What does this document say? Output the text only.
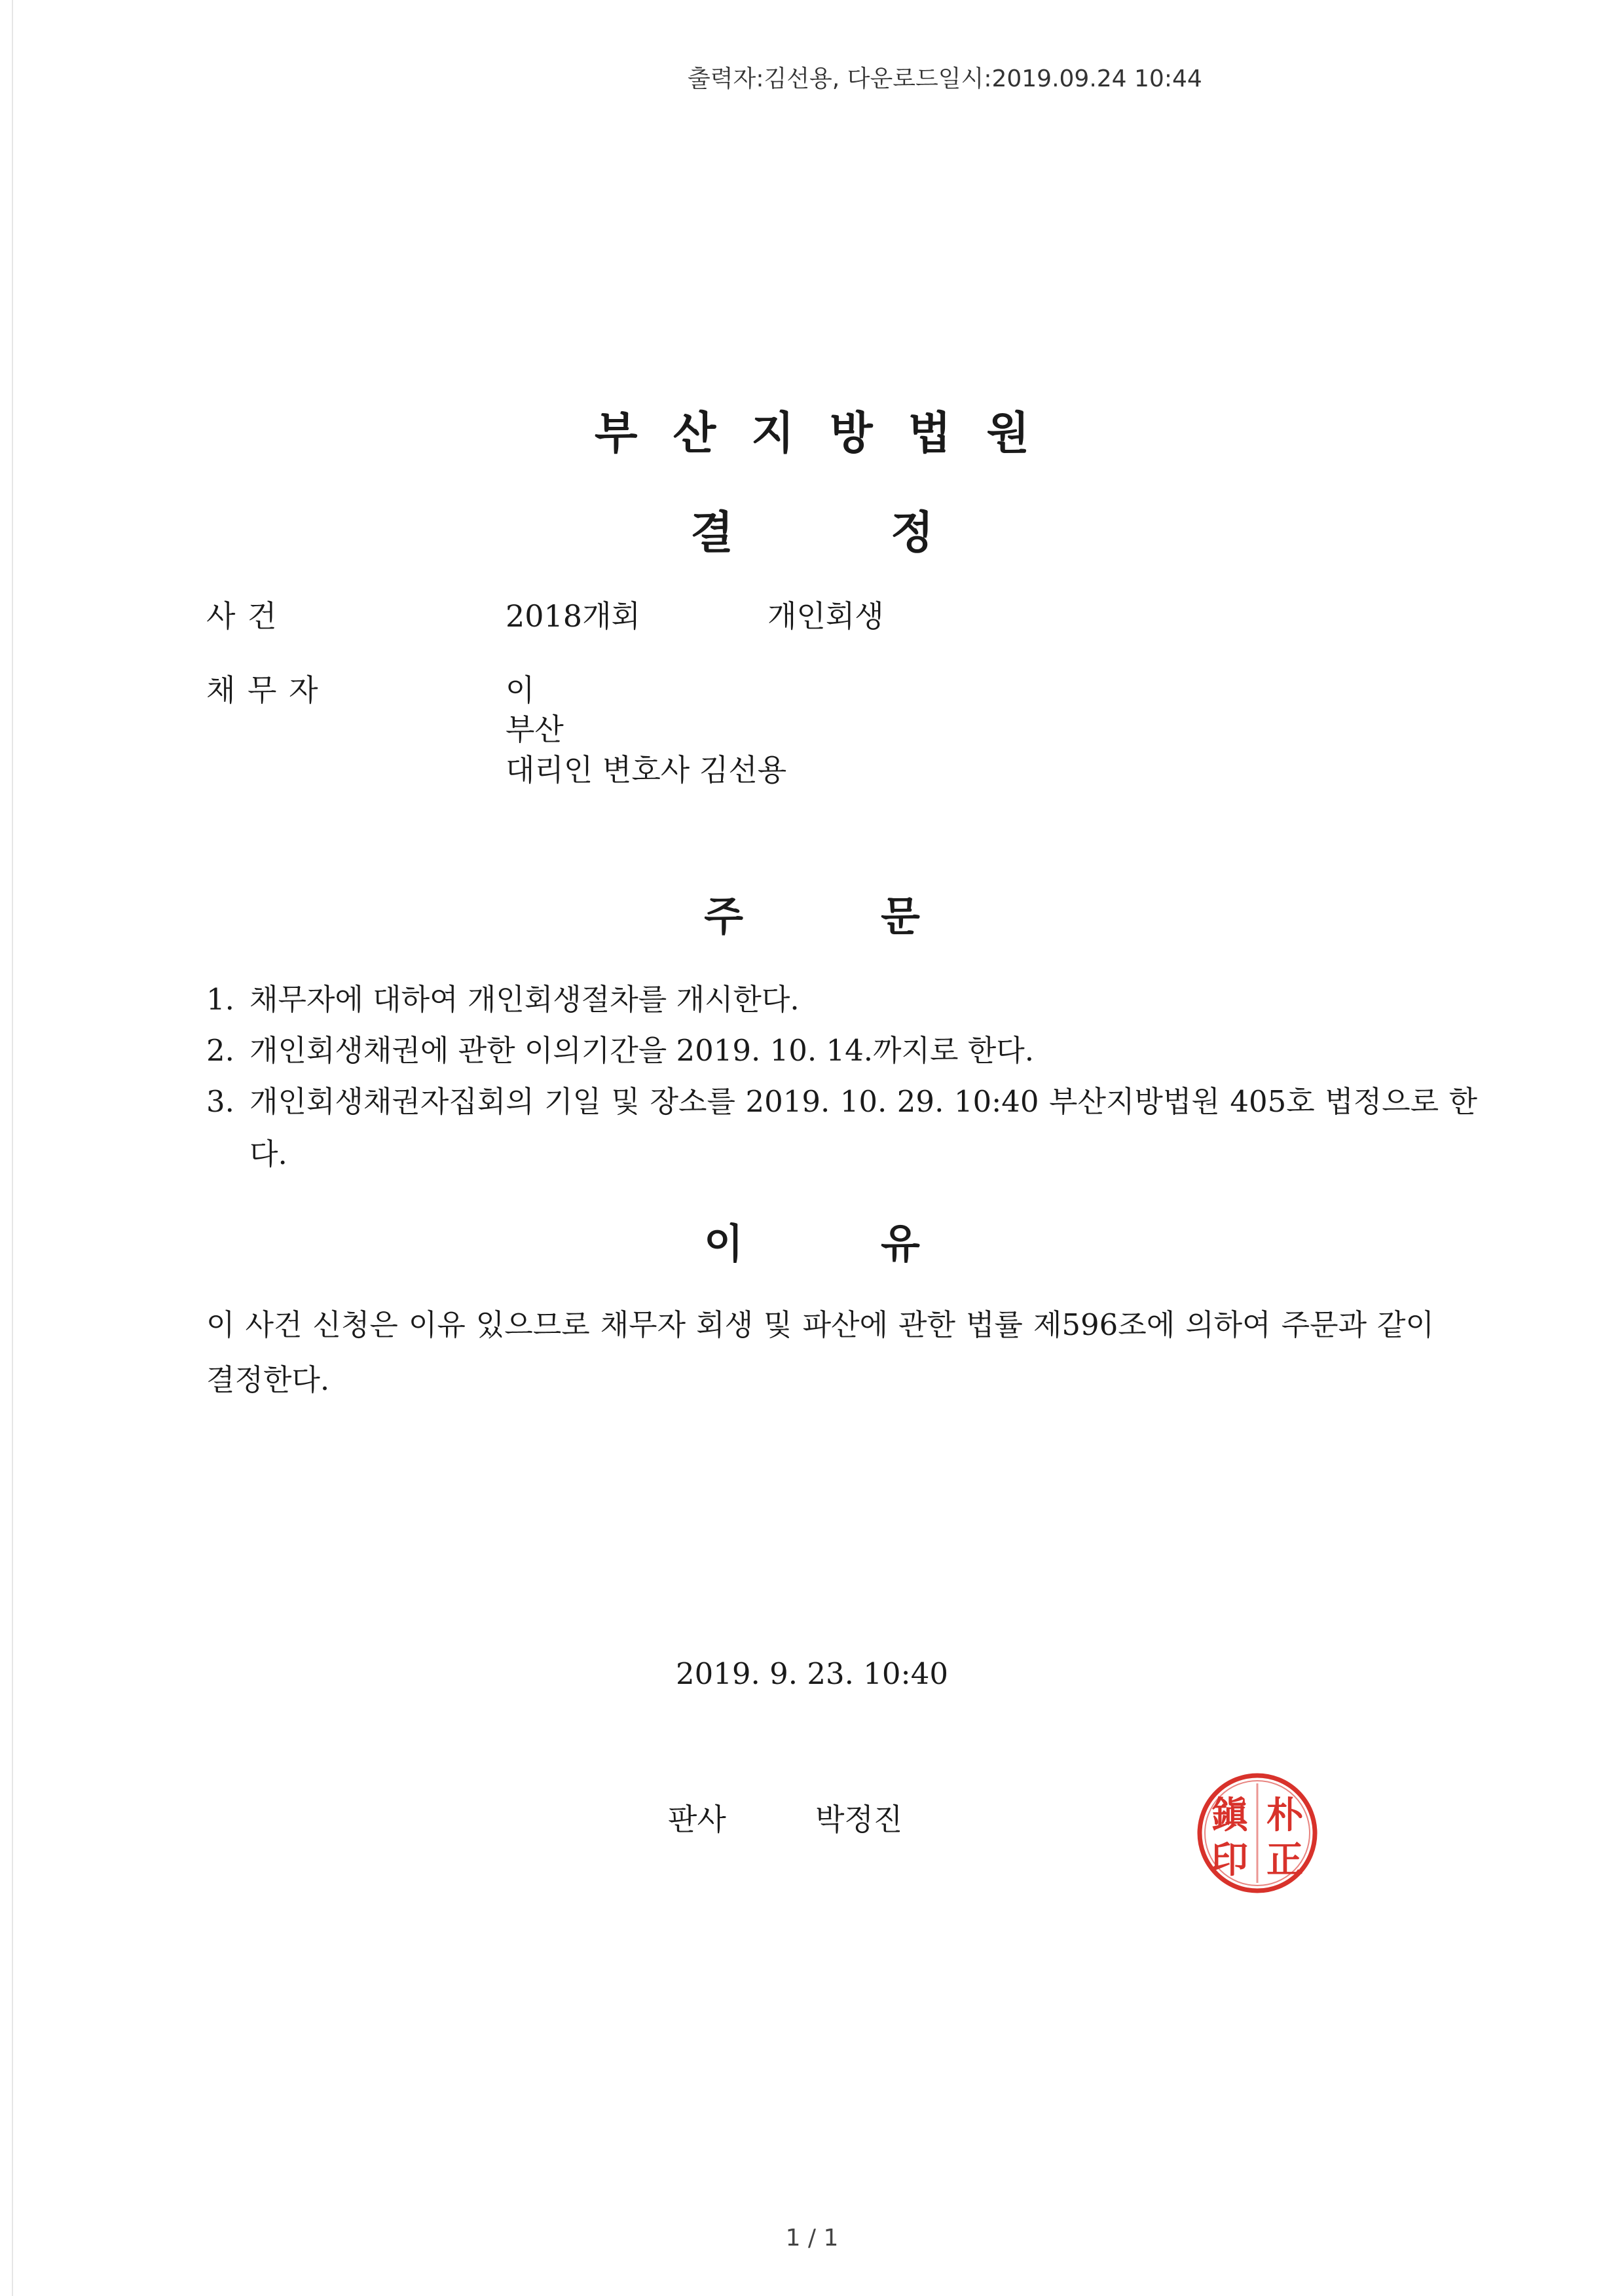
출력자:김선용, 다운로드일시:2019.09.24 10:44
부산지방법원
결정
사 건	2018개회	개인회생
채 무 자	이
부산
대리인 변호사 김선용
주문
1. 채무자에 대하여 개인회생절차를 개시한다.
2. 개인회생채권에 관한 이의기간을 2019. 10. 14.까지로 한다.
3. 개인회생채권자집회의 기일 및 장소를 2019. 10. 29. 10:40 부산지방법원 405호 법정으로 한다.
이유
이 사건 신청은 이유 있으므로 채무자 회생 및 파산에 관한 법률 제596조에 의하여 주문과 같이 결정한다.
2019. 9. 23. 10:40
판사	박정진	鎭 朴
印 正
1 / 1
